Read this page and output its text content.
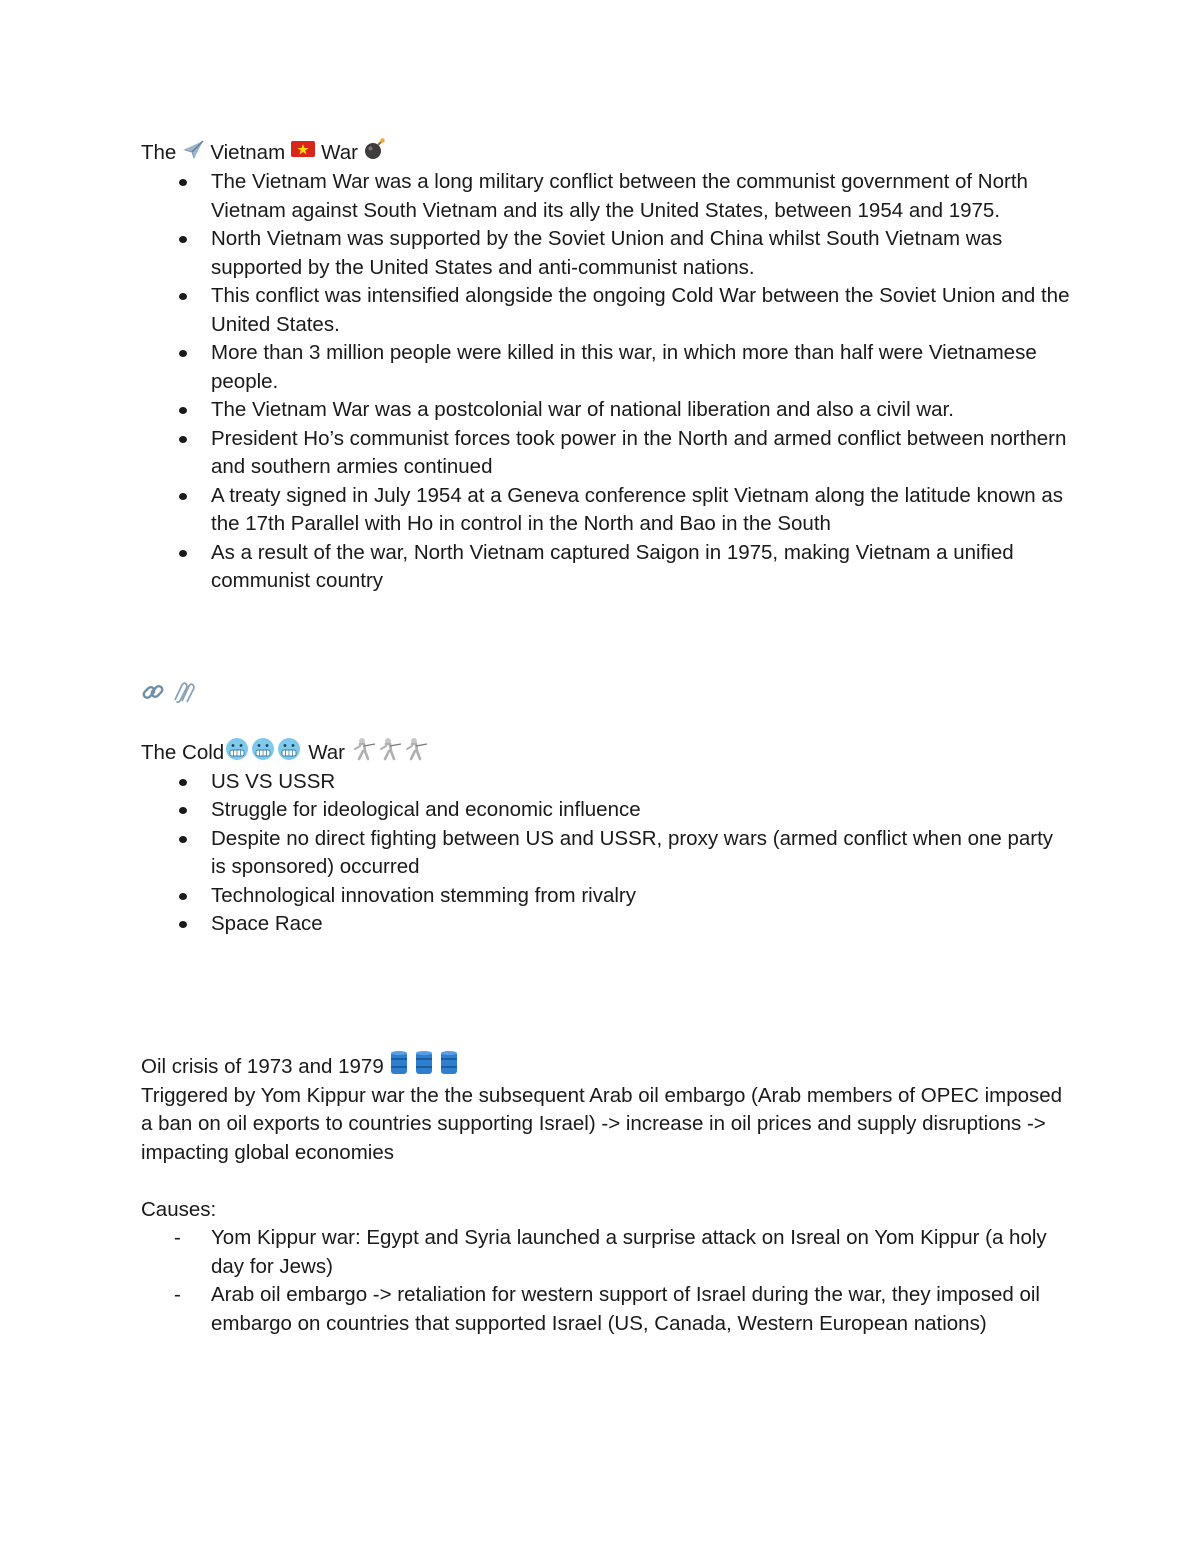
The Vietnam War
The Vietnam War was a long military conflict between the communist government of North Vietnam against South Vietnam and its ally the United States, between 1954 and 1975.
North Vietnam was supported by the Soviet Union and China whilst South Vietnam was supported by the United States and anti-communist nations.
This conflict was intensified alongside the ongoing Cold War between the Soviet Union and the United States.
More than 3 million people were killed in this war, in which more than half were Vietnamese people.
The Vietnam War was a postcolonial war of national liberation and also a civil war.
President Ho’s communist forces took power in the North and armed conflict between northern and southern armies continued
A treaty signed in July 1954 at a Geneva conference split Vietnam along the latitude known as the 17th Parallel with Ho in control in the North and Bao in the South
As a result of the war, North Vietnam captured Saigon in 1975, making Vietnam a unified communist country
The Cold	War
US VS USSR
Struggle for ideological and economic influence
Despite no direct fighting between US and USSR, proxy wars (armed conflict when one party is sponsored) occurred
Technological innovation stemming from rivalry
Space Race
Oil crisis of 1973 and 1979

Triggered by Yom Kippur war the the subsequent Arab oil embargo (Arab members of OPEC imposed a ban on oil exports to countries supporting Israel) -> increase in oil prices and supply disruptions -> impacting global economies

Causes:

- Yom Kippur war: Egypt and Syria launched a surprise attack on Isreal on Yom Kippur (a holy day for Jews)
- Arab oil embargo -> retaliation for western support of Israel during the war, they imposed oil embargo on countries that supported Israel (US, Canada, Western European nations)
